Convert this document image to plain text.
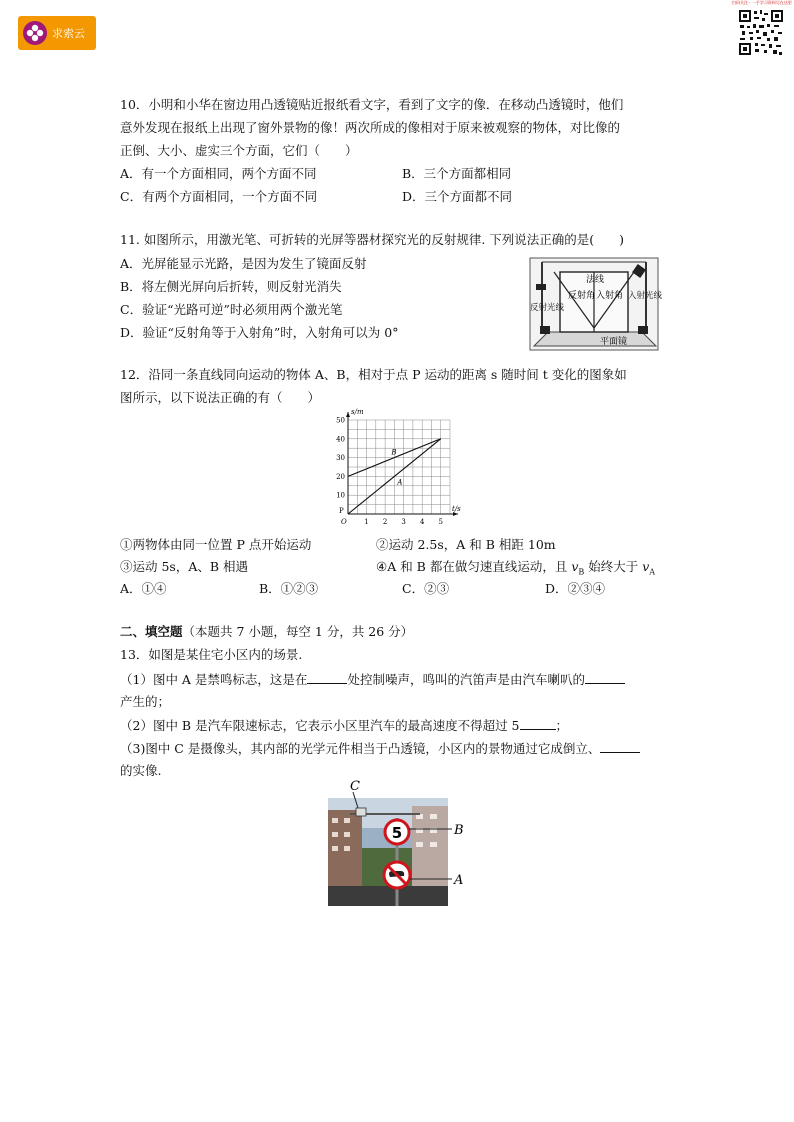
求索云
扫码关注 · 一手学习资料尽在这里
10．小明和小华在窗边用凸透镜贴近报纸看文字，看到了文字的像．在移动凸透镜时，他们
意外发现在报纸上出现了窗外景物的像！两次所成的像相对于原来被观察的物体，对比像的
正倒、大小、虚实三个方面，它们（　　）
A．有一个方面相同，两个方面不同	B．三个方面都相同
C．有两个方面相同，一个方面不同	D．三个方面都不同
11. 如图所示，用激光笔、可折转的光屏等器材探究光的反射规律. 下列说法正确的是(　　)
A．光屏能显示光路，是因为发生了镜面反射
B．将左侧光屏向后折转，则反射光消失
C．验证“光路可逆”时必须用两个激光笔
D．验证“反射角等于入射角”时，入射角可以为 0°
法线
反射角 入射角
反射光线
入射光线
平面镜
12．沿同一条直线同向运动的物体 A、B，相对于点 P 运动的距离 s 随时间 t 变化的图象如
图所示，以下说法正确的有（　　）
1 2 3 4 5
10
20
30
40
50
O
P	t/s
s/m
B
A
①两物体由同一位置 P 点开始运动	②运动 2.5s，A 和 B 相距 10m
③运动 5s，A、B 相遇	④A 和 B 都在做匀速直线运动，且 $v_B$ 始终大于 $v_A$
A．①④	B．①②③	C．②③	D．②③④
二、填空题（本题共 7 小题，每空 1 分，共 26 分）
13．如图是某住宅小区内的场景.
（1）图中 A 是禁鸣标志，这是在	处控制噪声，鸣叫的汽笛声是由汽车喇叭的
产生的；
（2）图中 B 是汽车限速标志，它表示小区里汽车的最高速度不得超过 5	；
（3)图中 C 是摄像头，其内部的光学元件相当于凸透镜，小区内的景物通过它成倒立、
的实像.
5
C
B
A
